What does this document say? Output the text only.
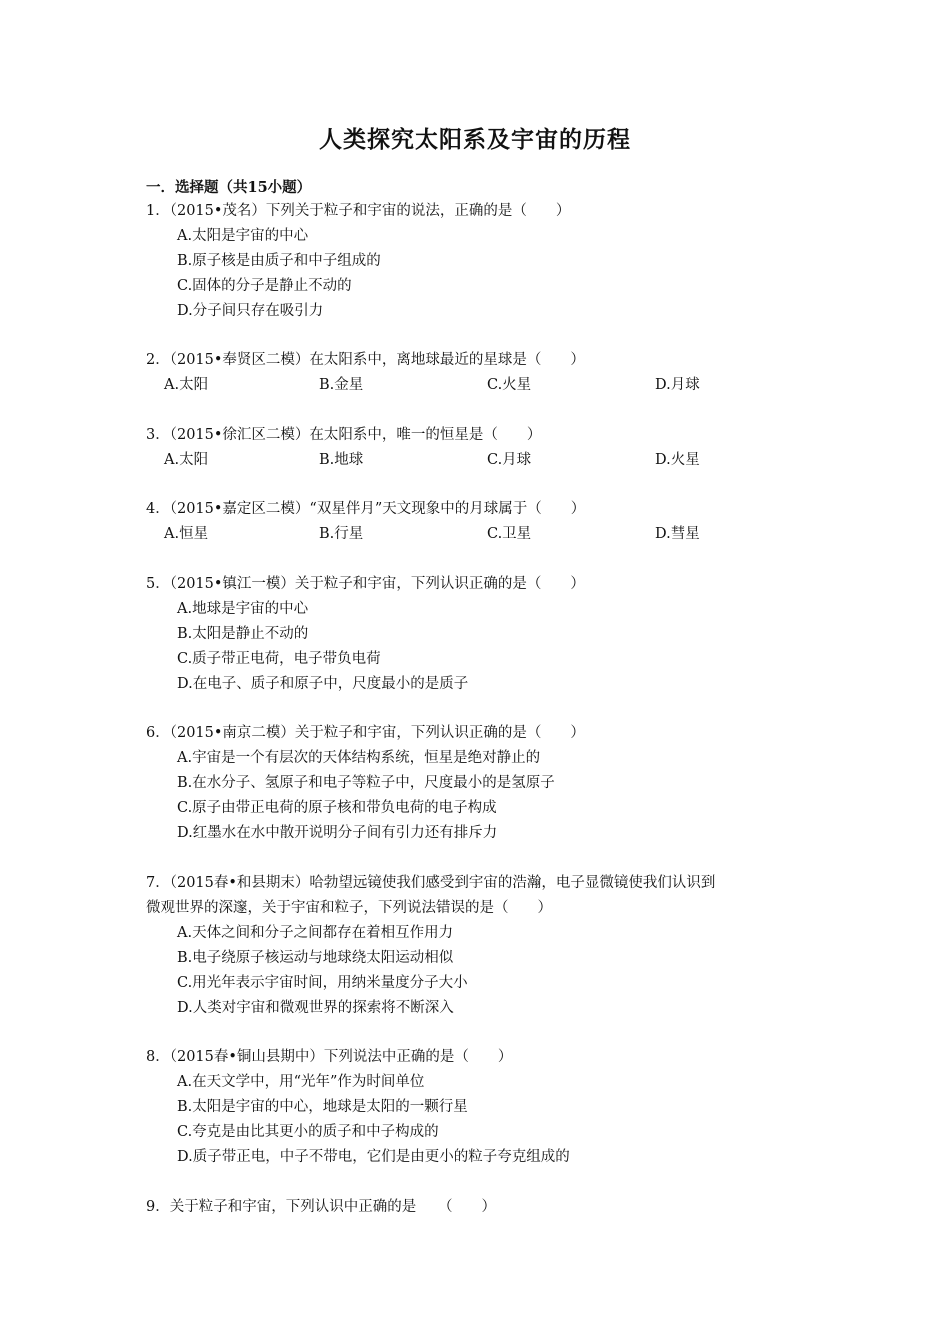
人类探究太阳系及宇宙的历程
一．选择题（共15小题）
1．（2015•茂名）下列关于粒子和宇宙的说法，正确的是（　　）
A.太阳是宇宙的中心
B.原子核是由质子和中子组成的
C.固体的分子是静止不动的
D.分子间只存在吸引力
2．（2015•奉贤区二模）在太阳系中，离地球最近的星球是（　　）
A.太阳	B.金星	C.火星	D.月球
3．（2015•徐汇区二模）在太阳系中，唯一的恒星是（　　）
A.太阳	B.地球	C.月球	D.火星
4．（2015•嘉定区二模）“双星伴月”天文现象中的月球属于（　　）
A.恒星	B.行星	C.卫星	D.彗星
5．（2015•镇江一模）关于粒子和宇宙，下列认识正确的是（　　）
A.地球是宇宙的中心
B.太阳是静止不动的
C.质子带正电荷，电子带负电荷
D.在电子、质子和原子中，尺度最小的是质子
6．（2015•南京二模）关于粒子和宇宙，下列认识正确的是（　　）
A.宇宙是一个有层次的天体结构系统，恒星是绝对静止的
B.在水分子、氢原子和电子等粒子中，尺度最小的是氢原子
C.原子由带正电荷的原子核和带负电荷的电子构成
D.红墨水在水中散开说明分子间有引力还有排斥力
7．（2015春•和县期末）哈勃望远镜使我们感受到宇宙的浩瀚，电子显微镜使我们认识到
微观世界的深邃，关于宇宙和粒子，下列说法错误的是（　　）
A.天体之间和分子之间都存在着相互作用力
B.电子绕原子核运动与地球绕太阳运动相似
C.用光年表示宇宙时间，用纳米量度分子大小
D.人类对宇宙和微观世界的探索将不断深入
8．（2015春•铜山县期中）下列说法中正确的是（　　）
A.在天文学中，用“光年”作为时间单位
B.太阳是宇宙的中心，地球是太阳的一颗行星
C.夸克是由比其更小的质子和中子构成的
D.质子带正电，中子不带电，它们是由更小的粒子夸克组成的
9．关于粒子和宇宙，下列认识中正确的是　　（　　）
